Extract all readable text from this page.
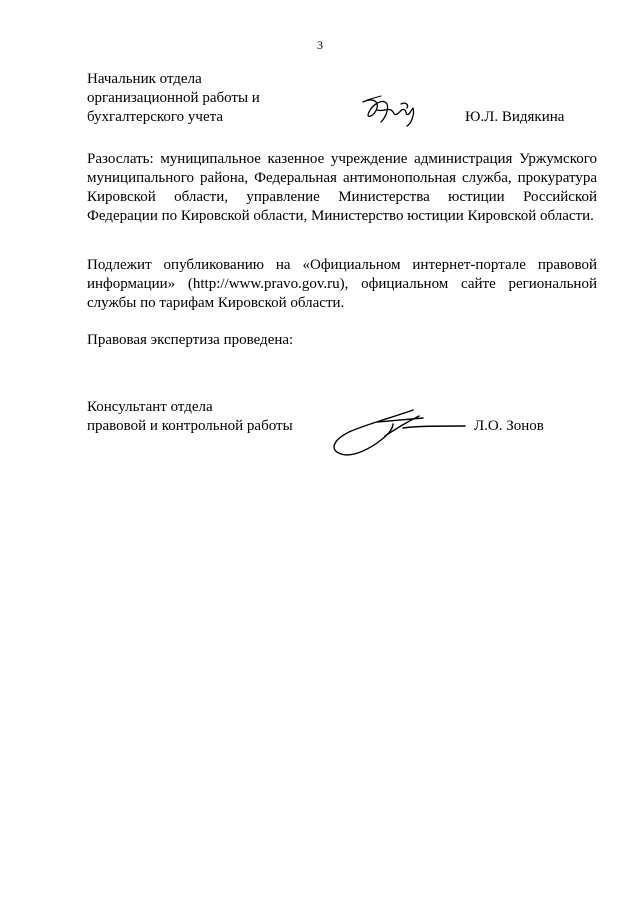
3
Начальник отдела
организационной работы и
бухгалтерского учета	Ю.Л. Видякина

Разослать: муниципальное казенное учреждение администрация Уржумского муниципального района, Федеральная антимонопольная служба, прокуратура Кировской области, управление Министерства юстиции Российской Федерации по Кировской области, Министерство юстиции Кировской области.

Подлежит опубликованию на «Официальном интернет-портале правовой информации» (http://www.pravo.gov.ru), официальном сайте региональной службы по тарифам Кировской области.

Правовая экспертиза проведена:

Консультант отдела
правовой и контрольной работы	Л.О. Зонов
